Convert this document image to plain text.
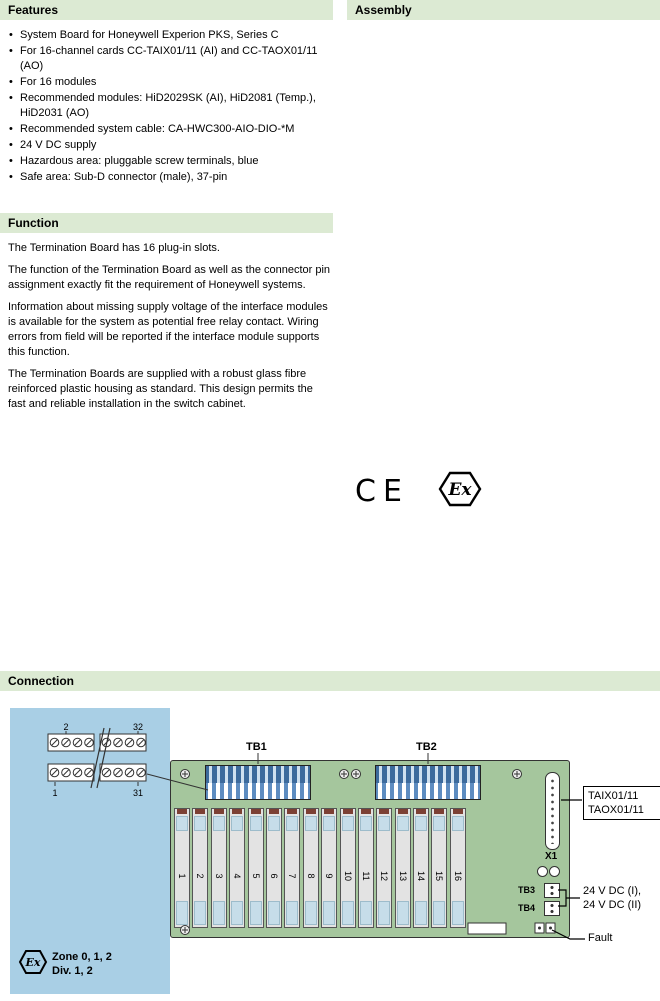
Features	Assembly
• System Board for Honeywell Experion PKS, Series C
• For 16-channel cards CC-TAIX01/11 (AI) and CC-TAOX01/11 (AO)
• For 16 modules
• Recommended modules: HiD2029SK (AI), HiD2081 (Temp.), HiD2031 (AO)
• Recommended system cable: CA-HWC300-AIO-DIO-*M
• 24 V DC supply
• Hazardous area: pluggable screw terminals, blue
• Safe area: Sub-D connector (male), 37-pin
Function

The Termination Board has 16 plug-in slots.

The function of the Termination Board as well as the connector pin assignment exactly fit the requirement of Honeywell systems.

Information about missing supply voltage of the interface modules is available for the system as potential free relay contact. Wiring errors from field will be reported if the interface module supports this function.

The Termination Boards are supplied with a robust glass fibre reinforced plastic housing as standard. This design permits the fast and reliable installation in the switch cabinet.

CE Ex
Connection
TB1	TB2
1 2 3 4 5 6 7 8 9 10 11 12 13 14 15 16
X1
TB3
TB4
2	32
1	31
Ex
TAIX01/11
TAOX01/11
24 V DC (I),
24 V DC (II)
Fault
Zone 0, 1, 2
Div. 1, 2
